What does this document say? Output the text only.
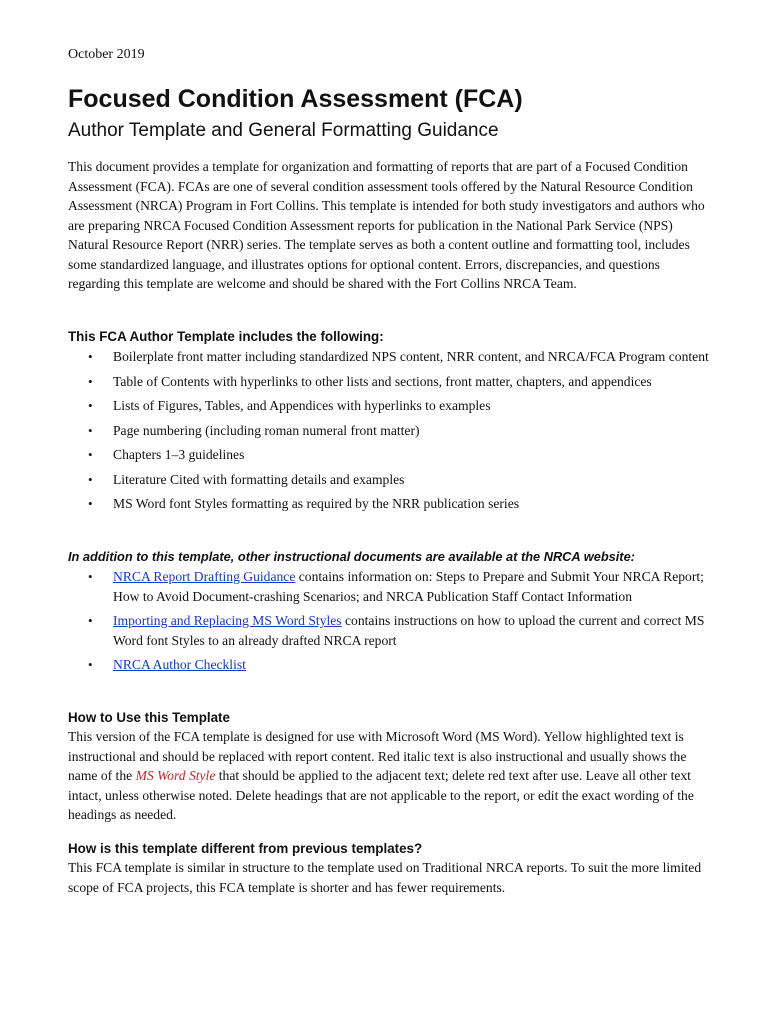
October 2019
Focused Condition Assessment (FCA)
Author Template and General Formatting Guidance

This document provides a template for organization and formatting of reports that are part of a Focused Condition Assessment (FCA). FCAs are one of several condition assessment tools offered by the Natural Resource Condition Assessment (NRCA) Program in Fort Collins. This template is intended for both study investigators and authors who are preparing NRCA Focused Condition Assessment reports for publication in the National Park Service (NPS) Natural Resource Report (NRR) series. The template serves as both a content outline and formatting tool, includes some standardized language, and illustrates options for optional content. Errors, discrepancies, and questions regarding this template are welcome and should be shared with the Fort Collins NRCA Team.

This FCA Author Template includes the following:
• Boilerplate front matter including standardized NPS content, NRR content, and NRCA/FCA Program content
• Table of Contents with hyperlinks to other lists and sections, front matter, chapters, and appendices
• Lists of Figures, Tables, and Appendices with hyperlinks to examples
• Page numbering (including roman numeral front matter)
• Chapters 1–3 guidelines
• Literature Cited with formatting details and examples
• MS Word font Styles formatting as required by the NRR publication series
In addition to this template, other instructional documents are available at the NRCA website:
• NRCA Report Drafting Guidance contains information on: Steps to Prepare and Submit Your NRCA Report; How to Avoid Document-crashing Scenarios; and NRCA Publication Staff Contact Information
• Importing and Replacing MS Word Styles contains instructions on how to upload the current and correct MS Word font Styles to an already drafted NRCA report
• NRCA Author Checklist
How to Use this Template

This version of the FCA template is designed for use with Microsoft Word (MS Word). Yellow highlighted text is instructional and should be replaced with report content. Red italic text is also instructional and usually shows the name of the MS Word Style that should be applied to the adjacent text; delete red text after use. Leave all other text intact, unless otherwise noted. Delete headings that are not applicable to the report, or edit the exact wording of the headings as needed.

How is this template different from previous templates?

This FCA template is similar in structure to the template used on Traditional NRCA reports. To suit the more limited scope of FCA projects, this FCA template is shorter and has fewer requirements.
